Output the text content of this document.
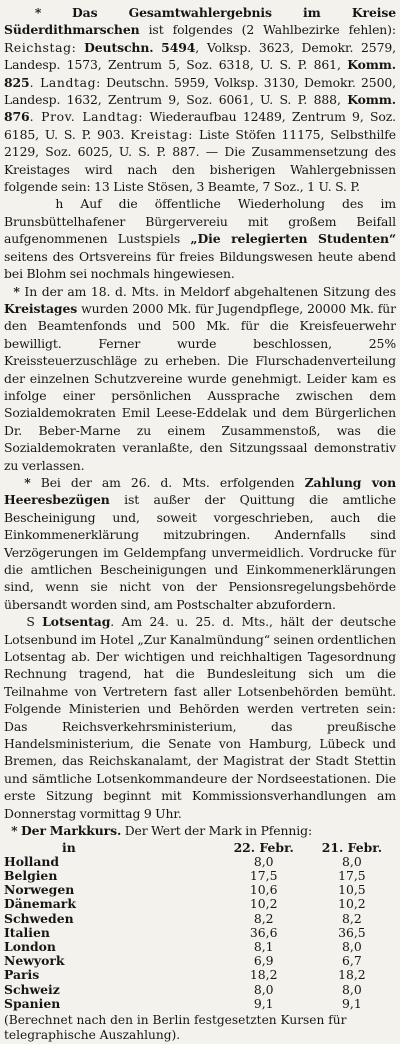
* Das Gesamtwahlergebnis im Kreise Süderdithmarschen ist folgendes (2 Wahlbezirke fehlen): Reichstag: Deutschn. 5494, Volksp. 3623, Demokr. 2579, Landesp. 1573, Zentrum 5, Soz. 6318, U. S. P. 861, Komm. 825. Landtag: Deutschn. 5959, Volksp. 3130, Demokr. 2500, Landesp. 1632, Zentrum 9, Soz. 6061, U. S. P. 888, Komm. 876. Prov. Landtag: Wiederaufbau 12489, Zentrum 9, Soz. 6185, U. S. P. 903. Kreistag: Liste Stöfen 11175, Selbsthilfe 2129, Soz. 6025, U. S. P. 887. — Die Zusammensetzung des Kreistages wird nach den bisherigen Wahlergebnissen folgende sein: 13 Liste Stösen, 3 Beamte, 7 Soz., 1 U. S. P.

h Auf die öffentliche Wiederholung des im Brunsbüttelhafener Bürgervereiu mit großem Beifall aufgenommenen Lustspiels „Die relegierten Studenten“ seitens des Ortsvereins für freies Bildungswesen heute abend bei Blohm sei nochmals hingewiesen.

* In der am 18. d. Mts. in Meldorf abgehaltenen Sitzung des Kreistages wurden 2000 Mk. für Jugendpflege, 20000 Mk. für den Beamtenfonds und 500 Mk. für die Kreisfeuerwehr bewilligt. Ferner wurde beschlossen, 25% Kreissteuerzuschläge zu erheben. Die Flurschadenverteilung der einzelnen Schutzvereine wurde genehmigt. Leider kam es infolge einer persönlichen Aussprache zwischen dem Sozialdemokraten Emil Leese-Eddelak und dem Bürgerlichen Dr. Beber-Marne zu einem Zusammenstoß, was die Sozialdemokraten veranlaßte, den Sitzungssaal demonstrativ zu verlassen.

* Bei der am 26. d. Mts. erfolgenden Zahlung von Heeresbezügen ist außer der Quittung die amtliche Bescheinigung und, soweit vorgeschrieben, auch die Einkommenerklärung mitzubringen. Andernfalls sind Verzögerungen im Geldempfang unvermeidlich. Vordrucke für die amtlichen Bescheinigungen und Einkommenerklärungen sind, wenn sie nicht von der Pensionsregelungsbehörde übersandt worden sind, am Postschalter abzufordern.

S Lotsentag. Am 24. u. 25. d. Mts., hält der deutsche Lotsenbund im Hotel „Zur Kanalmündung“ seinen ordentlichen Lotsentag ab. Der wichtigen und reichhaltigen Tagesordnung Rechnung tragend, hat die Bundesleitung sich um die Teilnahme von Vertretern fast aller Lotsenbehörden bemüht. Folgende Ministerien und Behörden werden vertreten sein: Das Reichsverkehrsministerium, das preußische Handelsministerium, die Senate von Hamburg, Lübeck und Bremen, das Reichskanalamt, der Magistrat der Stadt Stettin und sämtliche Lotsenkommandeure der Nordseestationen. Die erste Sitzung beginnt mit Kommissionsverhandlungen am Donnerstag vormittag 9 Uhr.

* Der Markkurs. Der Wert der Mark in Pfennig:

in	22. Febr.	21. Febr.
Holland	8,0	8,0
Belgien	17,5	17,5
Norwegen	10,6	10,5
Dänemark	10,2	10,2
Schweden	8,2	8,2
Italien	36,6	36,5
London	8,1	8,0
Newyork	6,9	6,7
Paris	18,2	18,2
Schweiz	8,0	8,0
Spanien	9,1	9,1

(Berechnet nach den in Berlin festgesetzten Kursen für telegraphische Auszahlung).
